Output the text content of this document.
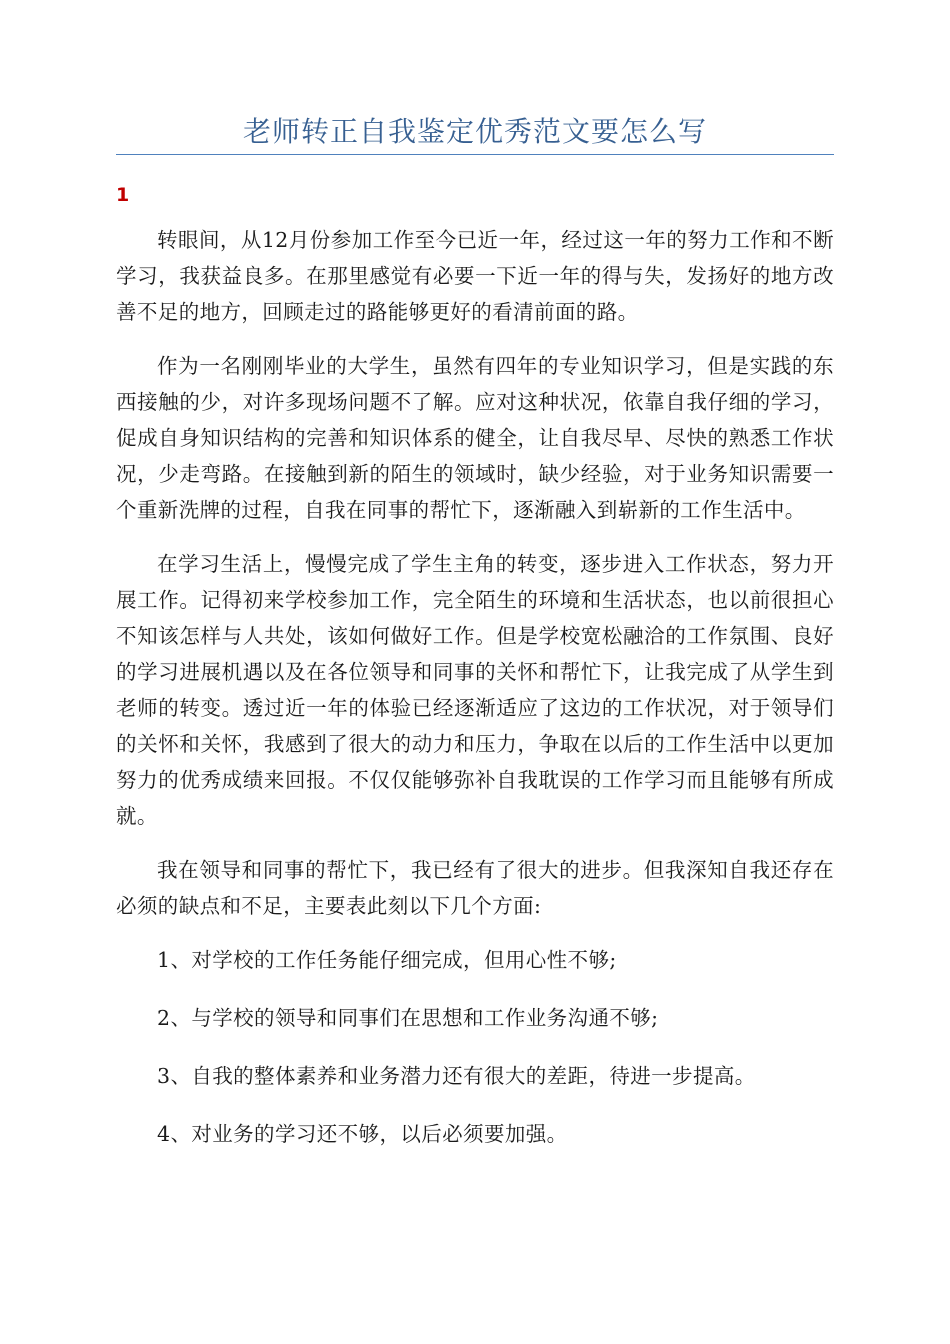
老师转正自我鉴定优秀范文要怎么写
1

转眼间，从12月份参加工作至今已近一年，经过这一年的努力工作和不断学习，我获益良多。在那里感觉有必要一下近一年的得与失，发扬好的地方改善不足的地方，回顾走过的路能够更好的看清前面的路。

作为一名刚刚毕业的大学生，虽然有四年的专业知识学习，但是实践的东西接触的少，对许多现场问题不了解。应对这种状况，依靠自我仔细的学习，促成自身知识结构的完善和知识体系的健全，让自我尽早、尽快的熟悉工作状况，少走弯路。在接触到新的陌生的领域时，缺少经验，对于业务知识需要一个重新洗牌的过程，自我在同事的帮忙下，逐渐融入到崭新的工作生活中。

在学习生活上，慢慢完成了学生主角的转变，逐步进入工作状态，努力开展工作。记得初来学校参加工作，完全陌生的环境和生活状态，也以前很担心不知该怎样与人共处，该如何做好工作。但是学校宽松融洽的工作氛围、良好的学习进展机遇以及在各位领导和同事的关怀和帮忙下，让我完成了从学生到老师的转变。透过近一年的体验已经逐渐适应了这边的工作状况，对于领导们的关怀和关怀，我感到了很大的动力和压力，争取在以后的工作生活中以更加努力的优秀成绩来回报。不仅仅能够弥补自我耽误的工作学习而且能够有所成就。

我在领导和同事的帮忙下，我已经有了很大的进步。但我深知自我还存在必须的缺点和不足，主要表此刻以下几个方面:

1、对学校的工作任务能仔细完成，但用心性不够;

2、与学校的领导和同事们在思想和工作业务沟通不够;

3、自我的整体素养和业务潜力还有很大的差距，待进一步提高。

4、对业务的学习还不够，以后必须要加强。
